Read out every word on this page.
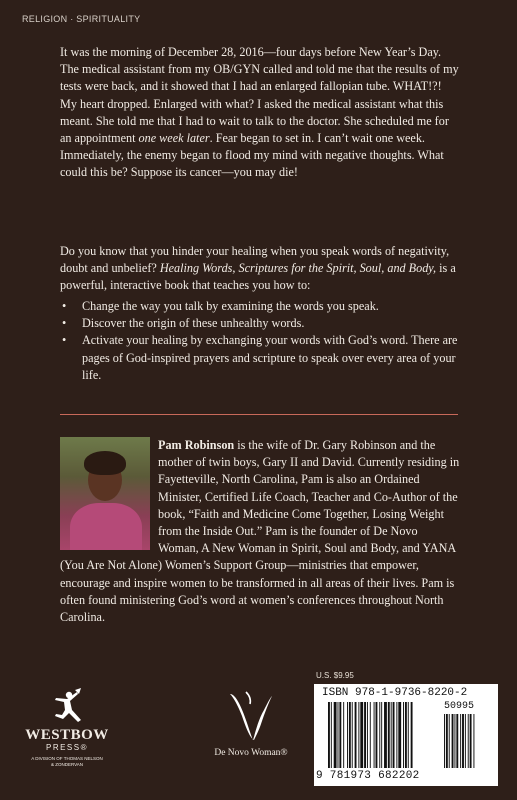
RELIGION · SPIRITUALITY

It was the morning of December 28, 2016—four days before New Year’s Day. The medical assistant from my OB/GYN called and told me that the results of my tests were back, and it showed that I had an enlarged fallopian tube. WHAT!?! My heart dropped. Enlarged with what? I asked the medical assistant what this meant. She told me that I had to wait to talk to the doctor. She scheduled me for an appointment one week later. Fear began to set in. I can’t wait one week. Immediately, the enemy began to flood my mind with negative thoughts. What could this be? Suppose its cancer—you may die!

Do you know that you hinder your healing when you speak words of negativity, doubt and unbelief? Healing Words, Scriptures for the Spirit, Soul, and Body, is a powerful, interactive book that teaches you how to:

• Change the way you talk by examining the words you speak.
• Discover the origin of these unhealthy words.
• Activate your healing by exchanging your words with God’s word. There are pages of God-inspired prayers and scripture to speak over every area of your life.

Pam Robinson is the wife of Dr. Gary Robinson and the mother of twin boys, Gary II and David. Currently residing in Fayetteville, North Carolina, Pam is also an Ordained Minister, Certified Life Coach, Teacher and Co-Author of the book, “Faith and Medicine Come Together, Losing Weight from the Inside Out.” Pam is the founder of De Novo Woman, A New Woman in Spirit, Soul and Body, and YANA (You Are Not Alone) Women’s Support Group—ministries that empower, encourage and inspire women to be transformed in all areas of their lives. Pam is often found ministering God’s word at women’s conferences throughout North Carolina.

WESTBOW
PRESS®
A DIVISION OF THOMAS NELSON
& ZONDERVAN
De Novo Woman®
U.S. $9.95
ISBN 978-1-9736-8220-2
50995
9 781973 682202
